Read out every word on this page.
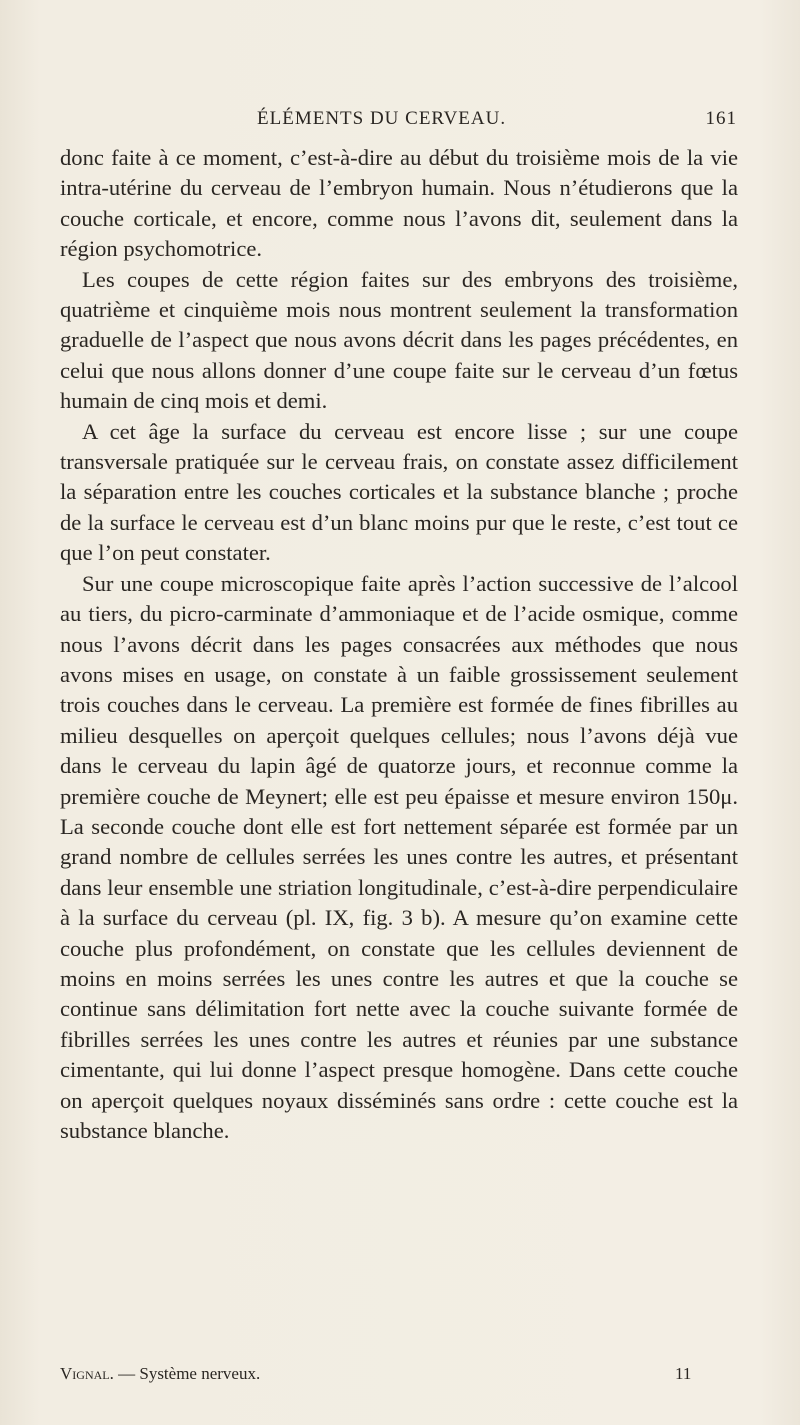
ÉLÉMENTS DU CERVEAU.	161

donc faite à ce moment, c’est-à-dire au début du troisième mois de la vie intra-utérine du cerveau de l’embryon humain. Nous n’étudierons que la couche corticale, et encore, comme nous l’avons dit, seulement dans la région psychomotrice.

Les coupes de cette région faites sur des embryons des troisième, quatrième et cinquième mois nous montrent seulement la transformation graduelle de l’aspect que nous avons décrit dans les pages précédentes, en celui que nous allons donner d’une coupe faite sur le cerveau d’un fœtus humain de cinq mois et demi.

A cet âge la surface du cerveau est encore lisse ; sur une coupe transversale pratiquée sur le cerveau frais, on constate assez difficilement la séparation entre les couches corticales et la substance blanche ; proche de la surface le cerveau est d’un blanc moins pur que le reste, c’est tout ce que l’on peut constater.

Sur une coupe microscopique faite après l’action successive de l’alcool au tiers, du picro-carminate d’ammoniaque et de l’acide osmique, comme nous l’avons décrit dans les pages consacrées aux méthodes que nous avons mises en usage, on constate à un faible grossissement seulement trois couches dans le cerveau. La première est formée de fines fibrilles au milieu desquelles on aperçoit quelques cellules; nous l’avons déjà vue dans le cerveau du lapin âgé de quatorze jours, et reconnue comme la première couche de Meynert; elle est peu épaisse et mesure environ 150μ. La seconde couche dont elle est fort nettement séparée est formée par un grand nombre de cellules serrées les unes contre les autres, et présentant dans leur ensemble une striation longitudinale, c’est-à-dire perpendiculaire à la surface du cerveau (pl. IX, fig. 3 b). A mesure qu’on examine cette couche plus profondément, on constate que les cellules deviennent de moins en moins serrées les unes contre les autres et que la couche se continue sans délimitation fort nette avec la couche suivante formée de fibrilles serrées les unes contre les autres et réunies par une substance cimentante, qui lui donne l’aspect presque homogène. Dans cette couche on aperçoit quelques noyaux disséminés sans ordre : cette couche est la substance blanche.

Vignal. — Système nerveux.	11
